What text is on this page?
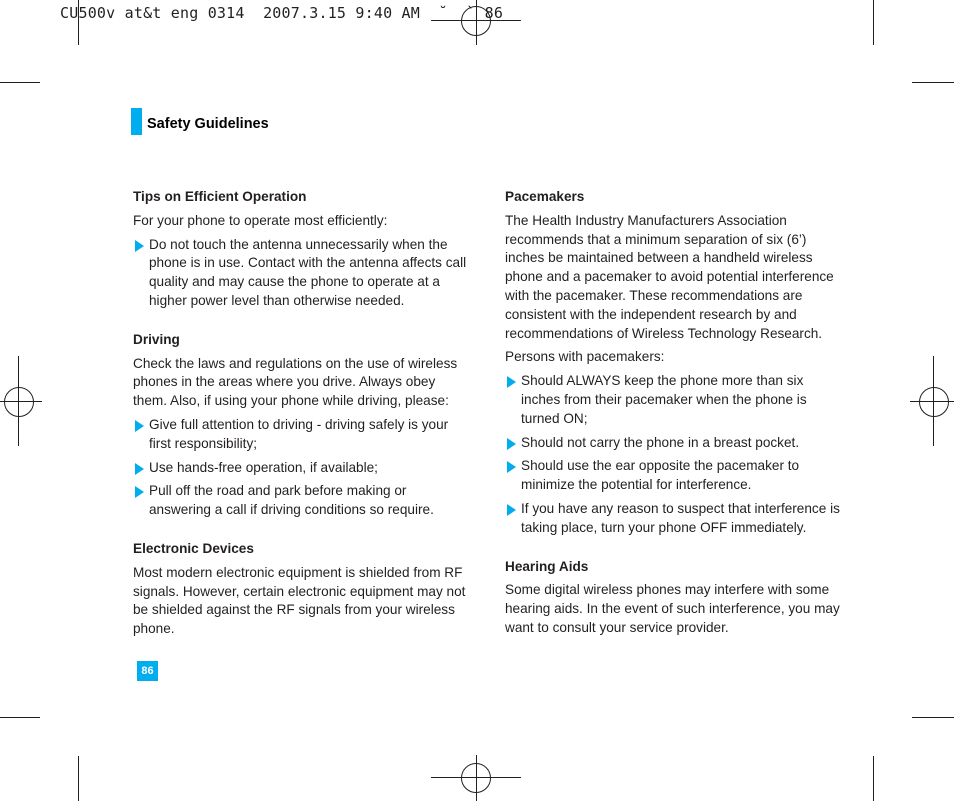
CU500v at&t eng 0314  2007.3.15 9:40 AM  ˘  ` 86
Safety Guidelines
Tips on Efficient Operation

For your phone to operate most efficiently:

Do not touch the antenna unnecessarily when the phone is in use. Contact with the antenna affects call quality and may cause the phone to operate at a higher power level than otherwise needed.
Driving

Check the laws and regulations on the use of wireless phones in the areas where you drive. Always obey them. Also, if using your phone while driving, please:

Give full attention to driving - driving safely is your first responsibility;
Use hands-free operation, if available;
Pull off the road and park before making or answering a call if driving conditions so require.
Electronic Devices

Most modern electronic equipment is shielded from RF signals. However, certain electronic equipment may not be shielded against the RF signals from your wireless phone.

Pacemakers

The Health Industry Manufacturers Association recommends that a minimum separation of six (6’) inches be maintained between a handheld wireless phone and a pacemaker to avoid potential interference with the pacemaker. These recommendations are consistent with the independent research by and recommendations of Wireless Technology Research.

Persons with pacemakers:

Should ALWAYS keep the phone more than six inches from their pacemaker when the phone is turned ON;
Should not carry the phone in a breast pocket.
Should use the ear opposite the pacemaker to minimize the potential for interference.
If you have any reason to suspect that interference is taking place, turn your phone OFF immediately.
Hearing Aids

Some digital wireless phones may interfere with some hearing aids. In the event of such interference, you may want to consult your service provider.

86
